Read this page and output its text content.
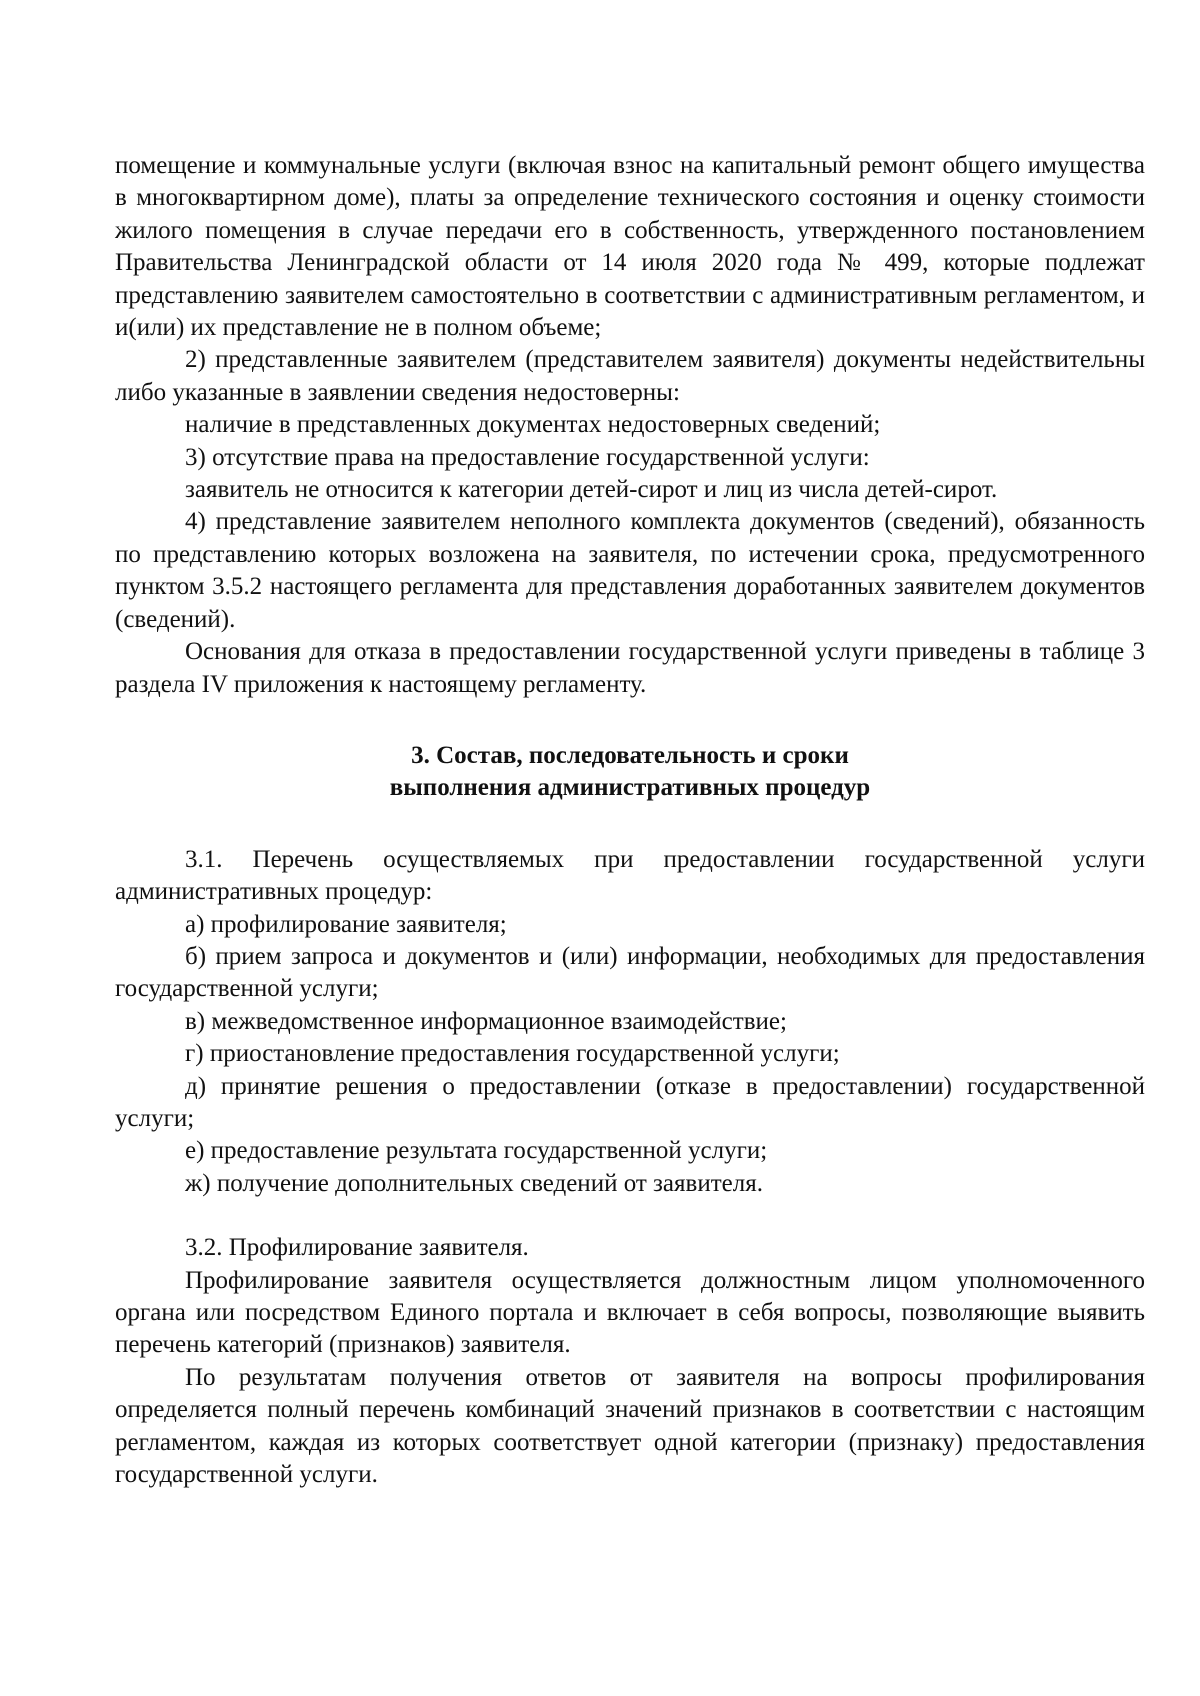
помещение и коммунальные услуги (включая взнос на капитальный ремонт общего имущества в многоквартирном доме), платы за определение технического состояния и оценку стоимости жилого помещения в случае передачи его в собственность, утвержденного постановлением Правительства Ленинградской области от 14 июля 2020 года № 499, которые подлежат представлению заявителем самостоятельно в соответствии с административным регламентом, и и(или) их представление не в полном объеме;

2) представленные заявителем (представителем заявителя) документы недействительны либо указанные в заявлении сведения недостоверны:

наличие в представленных документах недостоверных сведений;

3) отсутствие права на предоставление государственной услуги:

заявитель не относится к категории детей-сирот и лиц из числа детей-сирот.

4) представление заявителем неполного комплекта документов (сведений), обязанность по представлению которых возложена на заявителя, по истечении срока, предусмотренного пунктом 3.5.2 настоящего регламента для представления доработанных заявителем документов (сведений).

Основания для отказа в предоставлении государственной услуги приведены в таблице 3 раздела IV приложения к настоящему регламенту.

3. Состав, последовательность и сроки
выполнения административных процедур

3.1. Перечень осуществляемых при предоставлении государственной услуги административных процедур:

а) профилирование заявителя;

б) прием запроса и документов и (или) информации, необходимых для предоставления государственной услуги;

в) межведомственное информационное взаимодействие;

г) приостановление предоставления государственной услуги;

д) принятие решения о предоставлении (отказе в предоставлении) государственной услуги;

е) предоставление результата государственной услуги;

ж) получение дополнительных сведений от заявителя.

3.2. Профилирование заявителя.

Профилирование заявителя осуществляется должностным лицом уполномоченного органа или посредством Единого портала и включает в себя вопросы, позволяющие выявить перечень категорий (признаков) заявителя.

По результатам получения ответов от заявителя на вопросы профилирования определяется полный перечень комбинаций значений признаков в соответствии с настоящим регламентом, каждая из которых соответствует одной категории (признаку) предоставления государственной услуги.
